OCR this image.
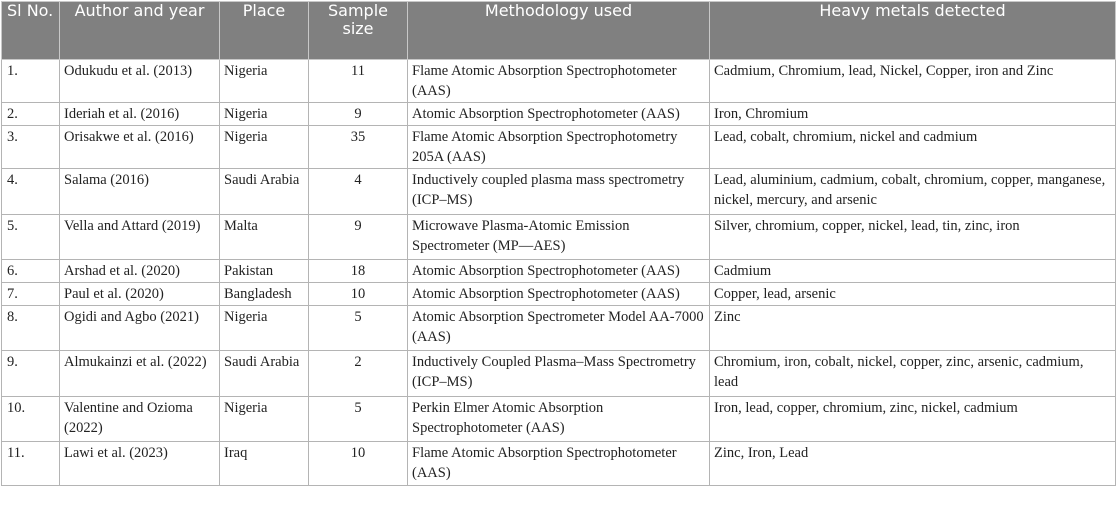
Sl No.	Author and year	Place	Sample size	Methodology used	Heavy metals detected
1.	Odukudu et al. (2013)	Nigeria	11	Flame Atomic Absorption Spectrophotometer (AAS)	Cadmium, Chromium, lead, Nickel, Copper, iron and Zinc
2.	Ideriah et al. (2016)	Nigeria	9	Atomic Absorption Spectrophotometer (AAS)	Iron, Chromium
3.	Orisakwe et al. (2016)	Nigeria	35	Flame Atomic Absorption Spectrophotometry 205A (AAS)	Lead, cobalt, chromium, nickel and cadmium
4.	Salama (2016)	Saudi Arabia	4	Inductively coupled plasma mass spectrometry (ICP–MS)	Lead, aluminium, cadmium, cobalt, chromium, copper, manganese, nickel, mercury, and arsenic
5.	Vella and Attard (2019)	Malta	9	Microwave Plasma-Atomic Emission Spectrometer (MP—AES)	Silver, chromium, copper, nickel, lead, tin, zinc, iron
6.	Arshad et al. (2020)	Pakistan	18	Atomic Absorption Spectrophotometer (AAS)	Cadmium
7.	Paul et al. (2020)	Bangladesh	10	Atomic Absorption Spectrophotometer (AAS)	Copper, lead, arsenic
8.	Ogidi and Agbo (2021)	Nigeria	5	Atomic Absorption Spectrometer Model AA-7000 (AAS)	Zinc
9.	Almukainzi et al. (2022)	Saudi Arabia	2	Inductively Coupled Plasma–Mass Spectrometry (ICP–MS)	Chromium, iron, cobalt, nickel, copper, zinc, arsenic, cadmium, lead
10.	Valentine and Ozioma (2022)	Nigeria	5	Perkin Elmer Atomic Absorption Spectrophotometer (AAS)	Iron, lead, copper, chromium, zinc, nickel, cadmium
11.	Lawi et al. (2023)	Iraq	10	Flame Atomic Absorption Spectrophotometer (AAS)	Zinc, Iron, Lead
